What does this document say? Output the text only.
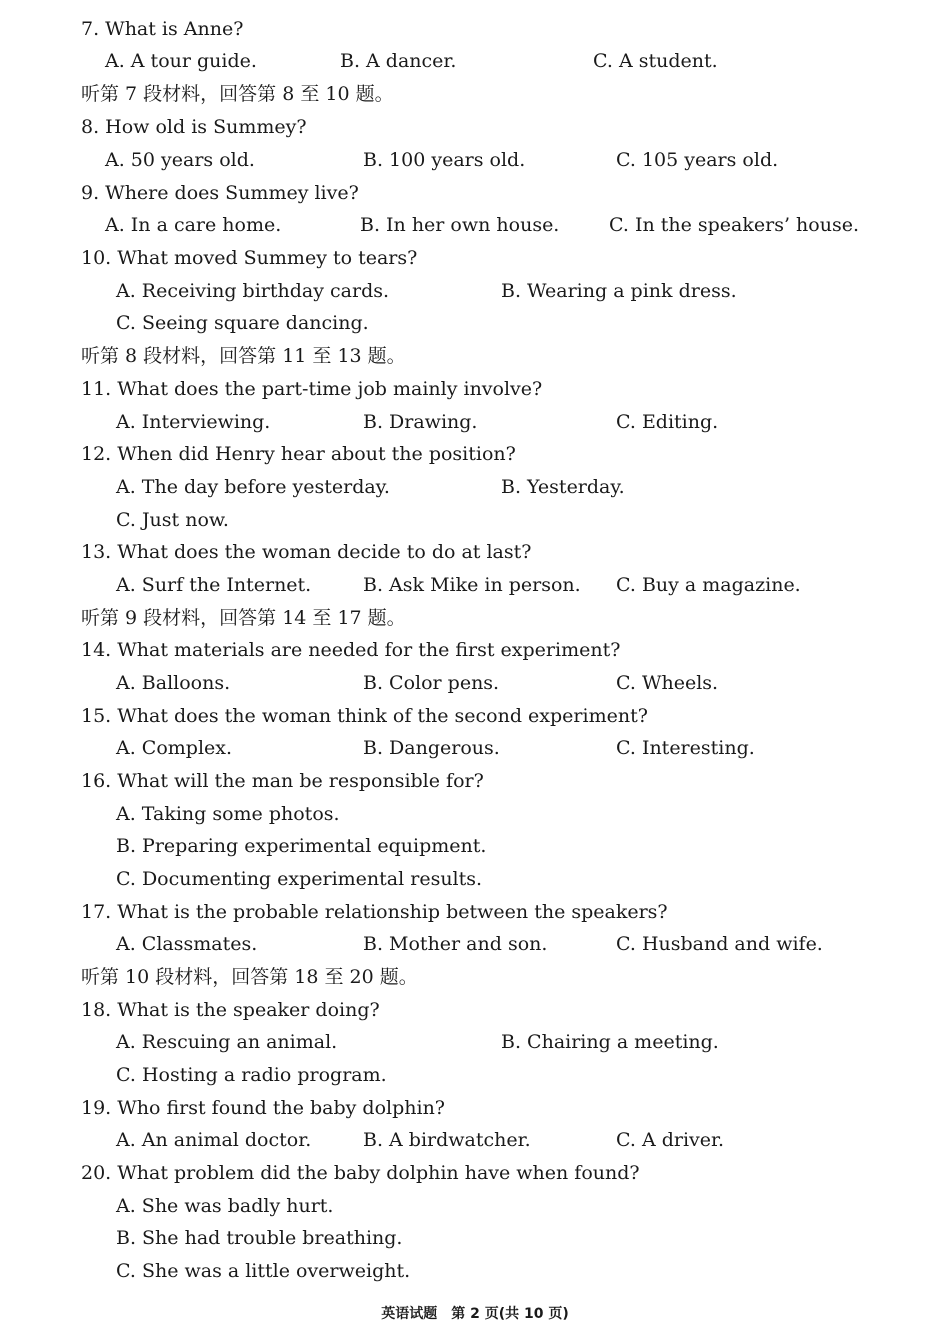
7. What is Anne?
A. A tour guide.	B. A dancer.	C. A student.
听第 7 段材料，回答第 8 至 10 题。
8. How old is Summey?
A. 50 years old.	B. 100 years old.	C. 105 years old.
9. Where does Summey live?
A. In a care home.	B. In her own house.	C. In the speakers’ house.
10. What moved Summey to tears?
A. Receiving birthday cards.	B. Wearing a pink dress.
C. Seeing square dancing.
听第 8 段材料，回答第 11 至 13 题。
11. What does the part-time job mainly involve?
A. Interviewing.	B. Drawing.	C. Editing.
12. When did Henry hear about the position?
A. The day before yesterday.	B. Yesterday.
C. Just now.
13. What does the woman decide to do at last?
A. Surf the Internet.	B. Ask Mike in person. C. Buy a magazine.
听第 9 段材料，回答第 14 至 17 题。
14. What materials are needed for the first experiment?
A. Balloons.	B. Color pens.	C. Wheels.
15. What does the woman think of the second experiment?
A. Complex.	B. Dangerous.	C. Interesting.
16. What will the man be responsible for?
A. Taking some photos.
B. Preparing experimental equipment.
C. Documenting experimental results.
17. What is the probable relationship between the speakers?
A. Classmates.	B. Mother and son.	C. Husband and wife.
听第 10 段材料，回答第 18 至 20 题。
18. What is the speaker doing?
A. Rescuing an animal.	B. Chairing a meeting.
C. Hosting a radio program.
19. Who first found the baby dolphin?
A. An animal doctor.	B. A birdwatcher.	C. A driver.
20. What problem did the baby dolphin have when found?
A. She was badly hurt.
B. She had trouble breathing.
C. She was a little overweight.
英语试题　第 2 页(共 10 页)
